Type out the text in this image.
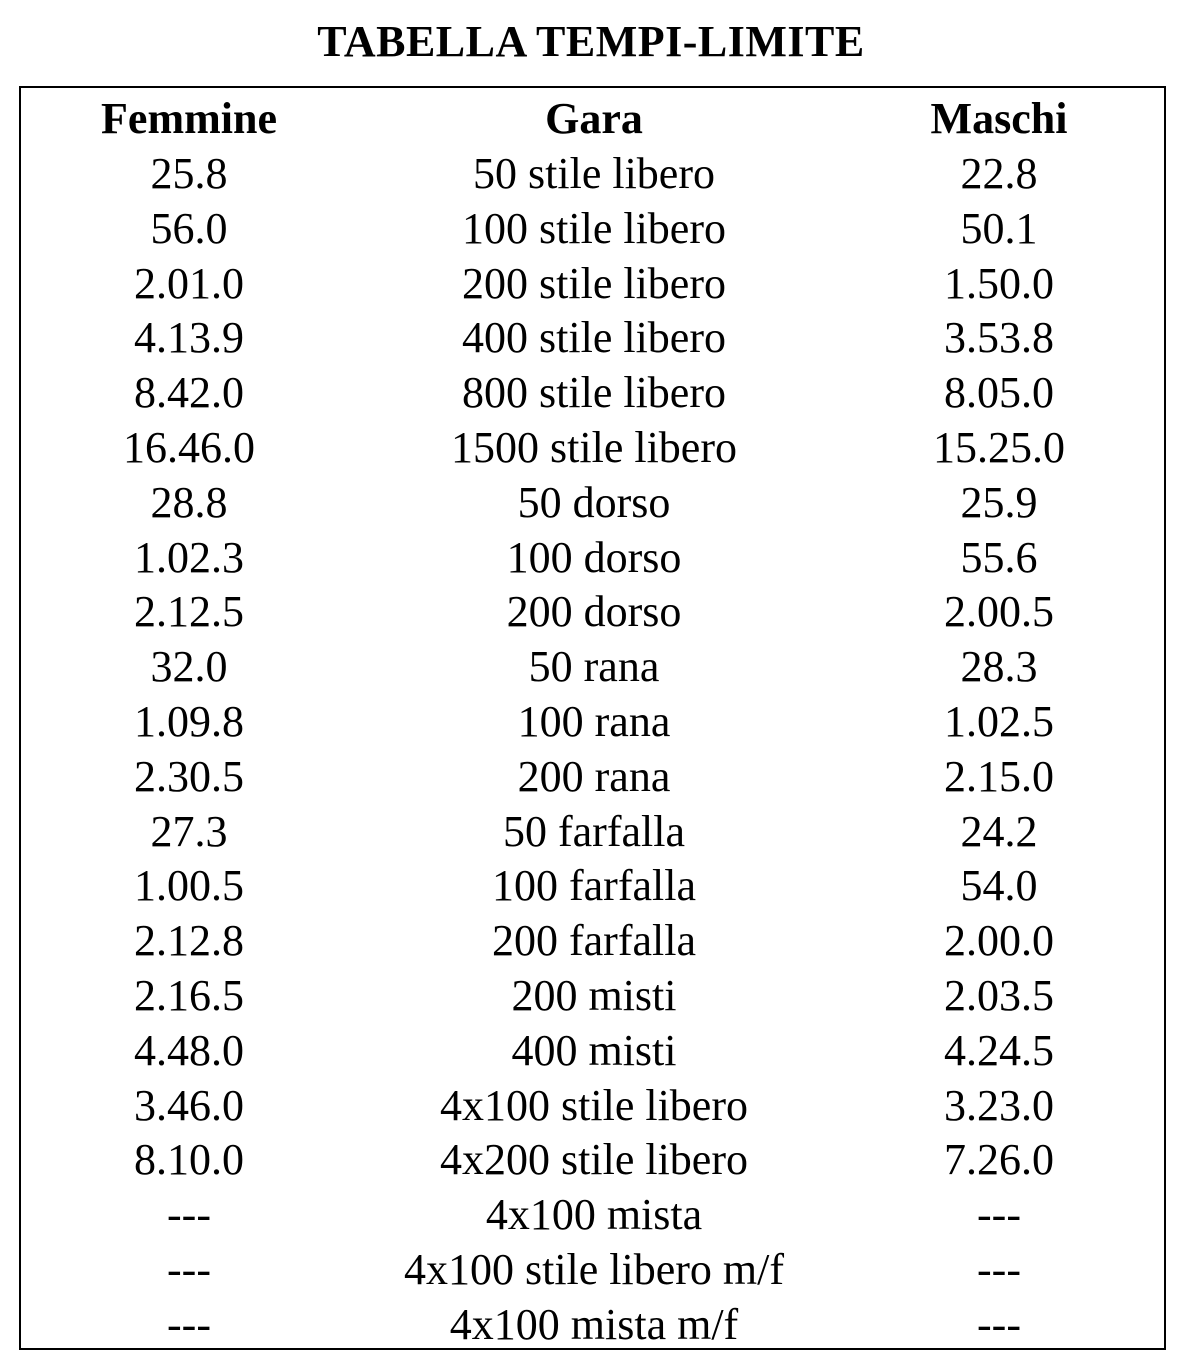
TABELLA TEMPI-LIMITE
Femmine	Gara	Maschi
25.8	50 stile libero	22.8
56.0	100 stile libero	50.1
2.01.0	200 stile libero	1.50.0
4.13.9	400 stile libero	3.53.8
8.42.0	800 stile libero	8.05.0
16.46.0	1500 stile libero	15.25.0
28.8	50 dorso	25.9
1.02.3	100 dorso	55.6
2.12.5	200 dorso	2.00.5
32.0	50 rana	28.3
1.09.8	100 rana	1.02.5
2.30.5	200 rana	2.15.0
27.3	50 farfalla	24.2
1.00.5	100 farfalla	54.0
2.12.8	200 farfalla	2.00.0
2.16.5	200 misti	2.03.5
4.48.0	400 misti	4.24.5
3.46.0	4x100 stile libero	3.23.0
8.10.0	4x200 stile libero	7.26.0
---	4x100 mista	---
---	4x100 stile libero m/f	---
---	4x100 mista m/f	---
